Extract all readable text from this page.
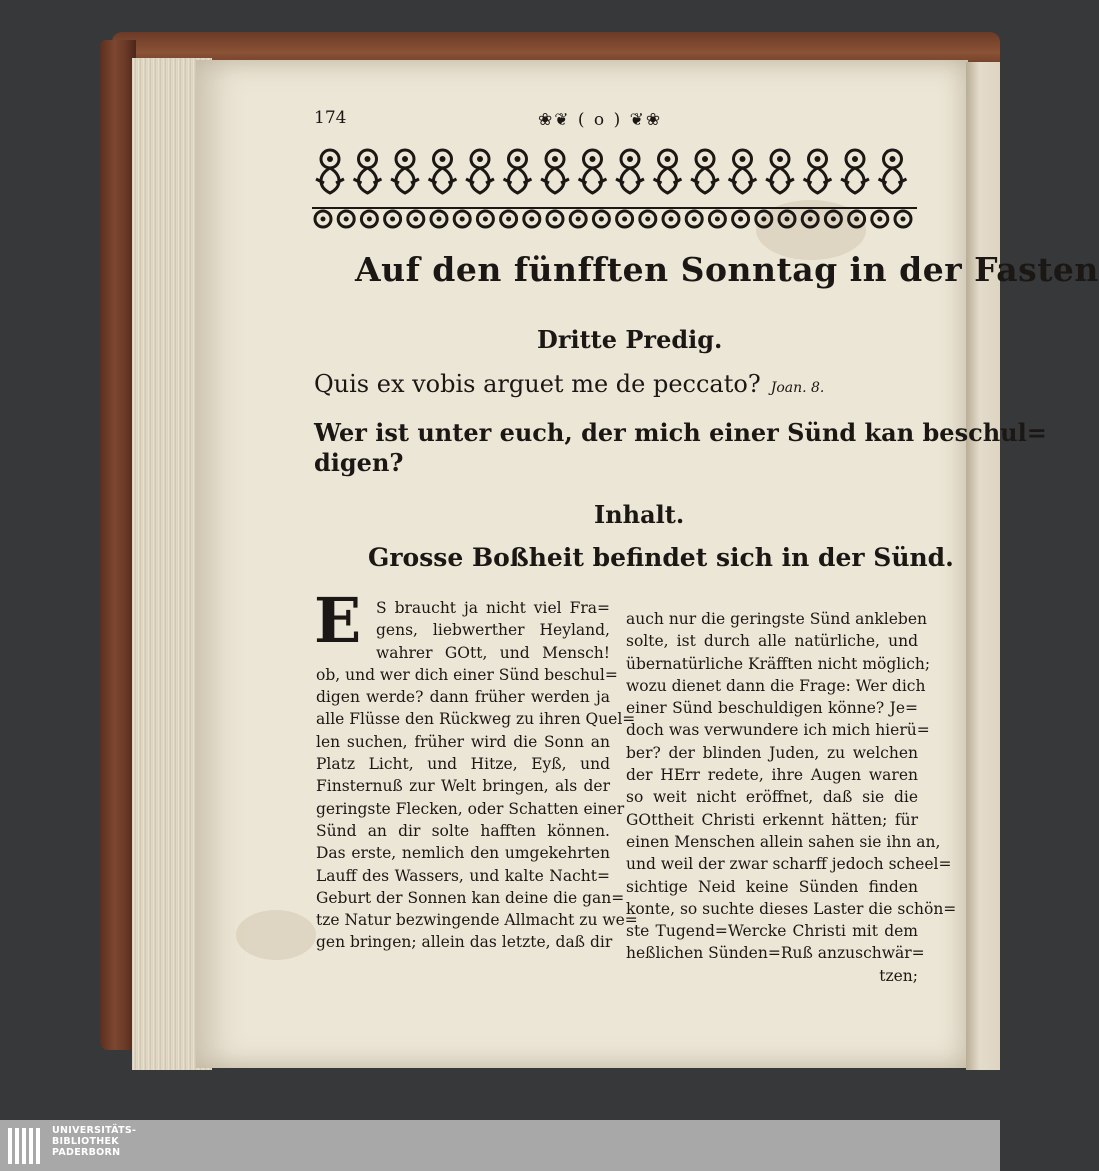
174	❀❦ ( o ) ❦❀
Auf den fünfften Sonntag in der Fasten
Dritte Predig.
Quis ex vobis arguet me de peccato? Joan. 8.
Wer ist unter euch, der mich einer Sünd kan beschul=
digen?
Inhalt.
Grosse Boßheit befindet sich in der Sünd.
E S braucht ja nicht viel Fra=
gens, liebwerther Heyland,
wahrer GOtt, und Mensch!
ob, und wer dich einer Sünd beschul=
digen werde? dann früher werden ja
alle Flüsse den Rückweg zu ihren Quel=
len suchen, früher wird die Sonn an
Platz Licht, und Hitze, Eyß, und
Finsternuß zur Welt bringen, als der
geringste Flecken, oder Schatten einer
Sünd an dir solte hafften können.
Das erste, nemlich den umgekehrten
Lauff des Wassers, und kalte Nacht=
Geburt der Sonnen kan deine die gan=
tze Natur bezwingende Allmacht zu we=
gen bringen; allein das letzte, daß dir
auch nur die geringste Sünd ankleben
solte, ist durch alle natürliche, und
übernatürliche Kräfften nicht möglich;
wozu dienet dann die Frage: Wer dich
einer Sünd beschuldigen könne? Je=
doch was verwundere ich mich hierü=
ber? der blinden Juden, zu welchen
der HErr redete, ihre Augen waren
so weit nicht eröffnet, daß sie die
GOttheit Christi erkennt hätten; für
einen Menschen allein sahen sie ihn an,
und weil der zwar scharff jedoch scheel=
sichtige Neid keine Sünden finden
konte, so suchte dieses Laster die schön=
ste Tugend=Wercke Christi mit dem
heßlichen Sünden=Ruß anzuschwär=
tzen;
UNIVERSITÄTS-
BIBLIOTHEK
PADERBORN
